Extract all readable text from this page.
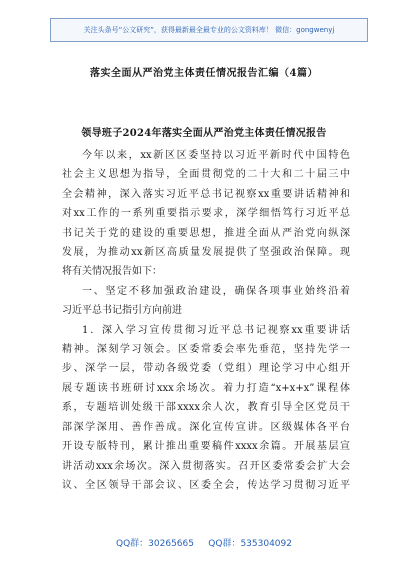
关注头条号“公文研究”，获得最新最全最专业的公文资料库！ 微信：gongwenyj
落实全面从严治党主体责任情况报告汇编（4篇）
领导班子2024年落实全面从严治党主体责任情况报告
今年以来，xx新区区委坚持以习近平新时代中国特色
社会主义思想为指导，全面贯彻党的二十大和二十届三中
全会精神，深入落实习近平总书记视察xx重要讲话精神和
对xx工作的一系列重要指示要求，深学细悟笃行习近平总
书记关于党的建设的重要思想，推进全面从严治党向纵深
发展，为推动xx新区高质量发展提供了坚强政治保障。现
将有关情况报告如下：
一、坚定不移加强政治建设，确保各项事业始终沿着
习近平总书记指引方向前进
1．深入学习宣传贯彻习近平总书记视察xx重要讲话
精神。深刻学习领会。区委常委会率先垂范，坚持先学一
步、深学一层，带动各级党委（党组）理论学习中心组开
展专题读书班研讨xxx余场次。着力打造“x+x+x”课程体
系，专题培训处级干部xxxx余人次，教育引导全区党员干
部深学深用、善作善成。深化宣传宣讲。区级媒体各平台
开设专版特刊，累计推出重要稿件xxxx余篇。开展基层宣
讲活动xxx余场次。深入贯彻落实。召开区委常委会扩大会
议、全区领导干部会议、区委全会，传达学习贯彻习近平
QQ群：30265665     QQ群：535304092
